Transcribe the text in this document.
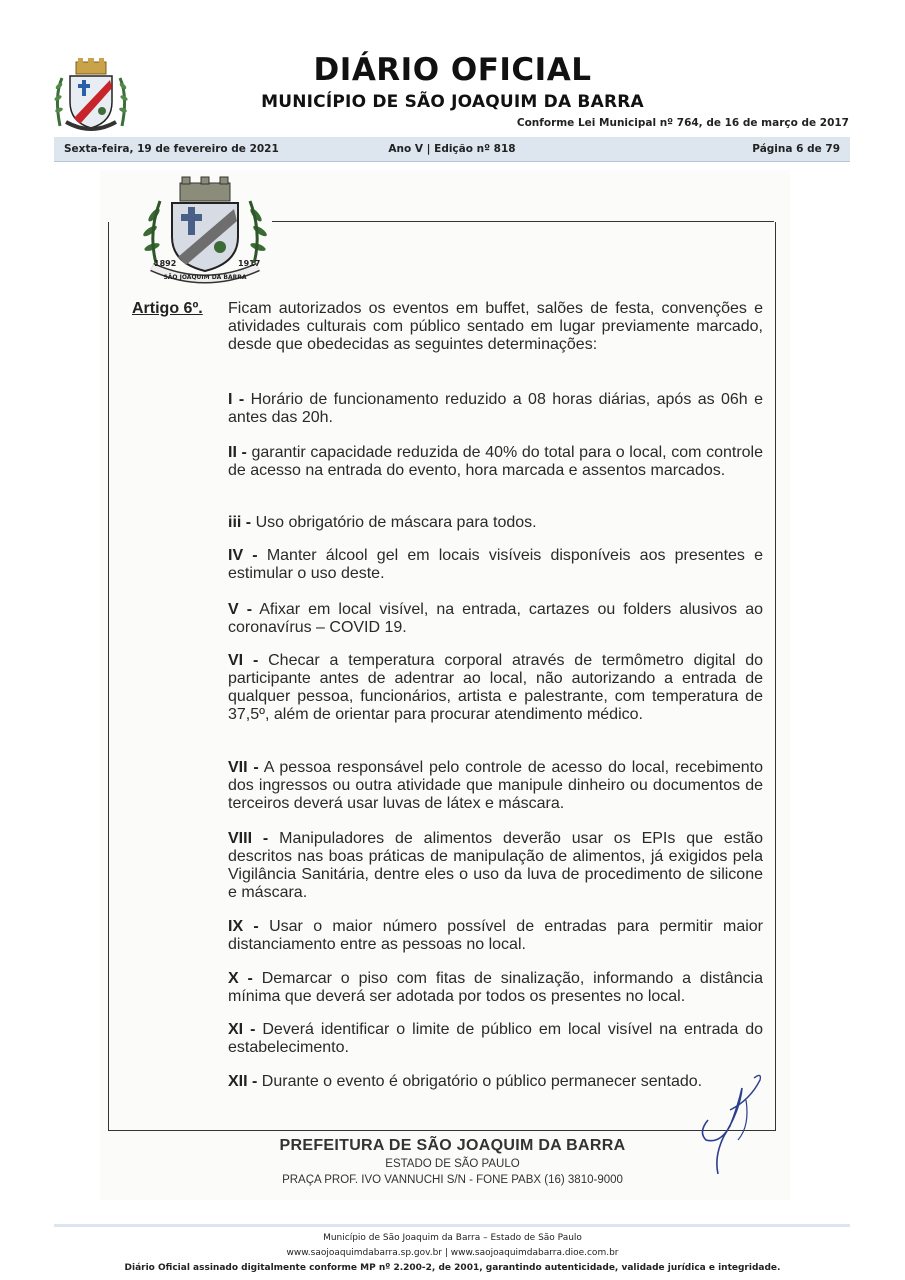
DIÁRIO OFICIAL
MUNICÍPIO DE SÃO JOAQUIM DA BARRA
Conforme Lei Municipal nº 764, de 16 de março de 2017
Sexta-feira, 19 de fevereiro de 2021	Ano V | Edição nº 818	Página 6 de 79
1892	1917
SÃO JOAQUIM DA BARRA
Artigo 6º. Ficam autorizados os eventos em buffet, salões de festa, convenções e atividades culturais com público sentado em lugar previamente marcado, desde que obedecidas as seguintes determinações:
I - Horário de funcionamento reduzido a 08 horas diárias, após as 06h e antes das 20h.
II - garantir capacidade reduzida de 40% do total para o local, com controle de acesso na entrada do evento, hora marcada e assentos marcados.
iii - Uso obrigatório de máscara para todos.
IV - Manter álcool gel em locais visíveis disponíveis aos presentes e estimular o uso deste.
V - Afixar em local visível, na entrada, cartazes ou folders alusivos ao coronavírus – COVID 19.
VI - Checar a temperatura corporal através de termômetro digital do participante antes de adentrar ao local, não autorizando a entrada de qualquer pessoa, funcionários, artista e palestrante, com temperatura de 37,5º, além de orientar para procurar atendimento médico.
VII - A pessoa responsável pelo controle de acesso do local, recebimento dos ingressos ou outra atividade que manipule dinheiro ou documentos de terceiros deverá usar luvas de látex e máscara.
VIII - Manipuladores de alimentos deverão usar os EPIs que estão descritos nas boas práticas de manipulação de alimentos, já exigidos pela Vigilância Sanitária, dentre eles o uso da luva de procedimento de silicone e máscara.
IX - Usar o maior número possível de entradas para permitir maior distanciamento entre as pessoas no local.
X - Demarcar o piso com fitas de sinalização, informando a distância mínima que deverá ser adotada por todos os presentes no local.
XI - Deverá identificar o limite de público em local visível na entrada do estabelecimento.
XII - Durante o evento é obrigatório o público permanecer sentado.
PREFEITURA DE SÃO JOAQUIM DA BARRA
ESTADO DE SÃO PAULO
PRAÇA PROF. IVO VANNUCHI S/N - FONE PABX (16) 3810-9000
Município de São Joaquim da Barra – Estado de São Paulo
www.saojoaquimdabarra.sp.gov.br | www.saojoaquimdabarra.dioe.com.br
Diário Oficial assinado digitalmente conforme MP nº 2.200-2, de 2001, garantindo autenticidade, validade jurídica e integridade.
